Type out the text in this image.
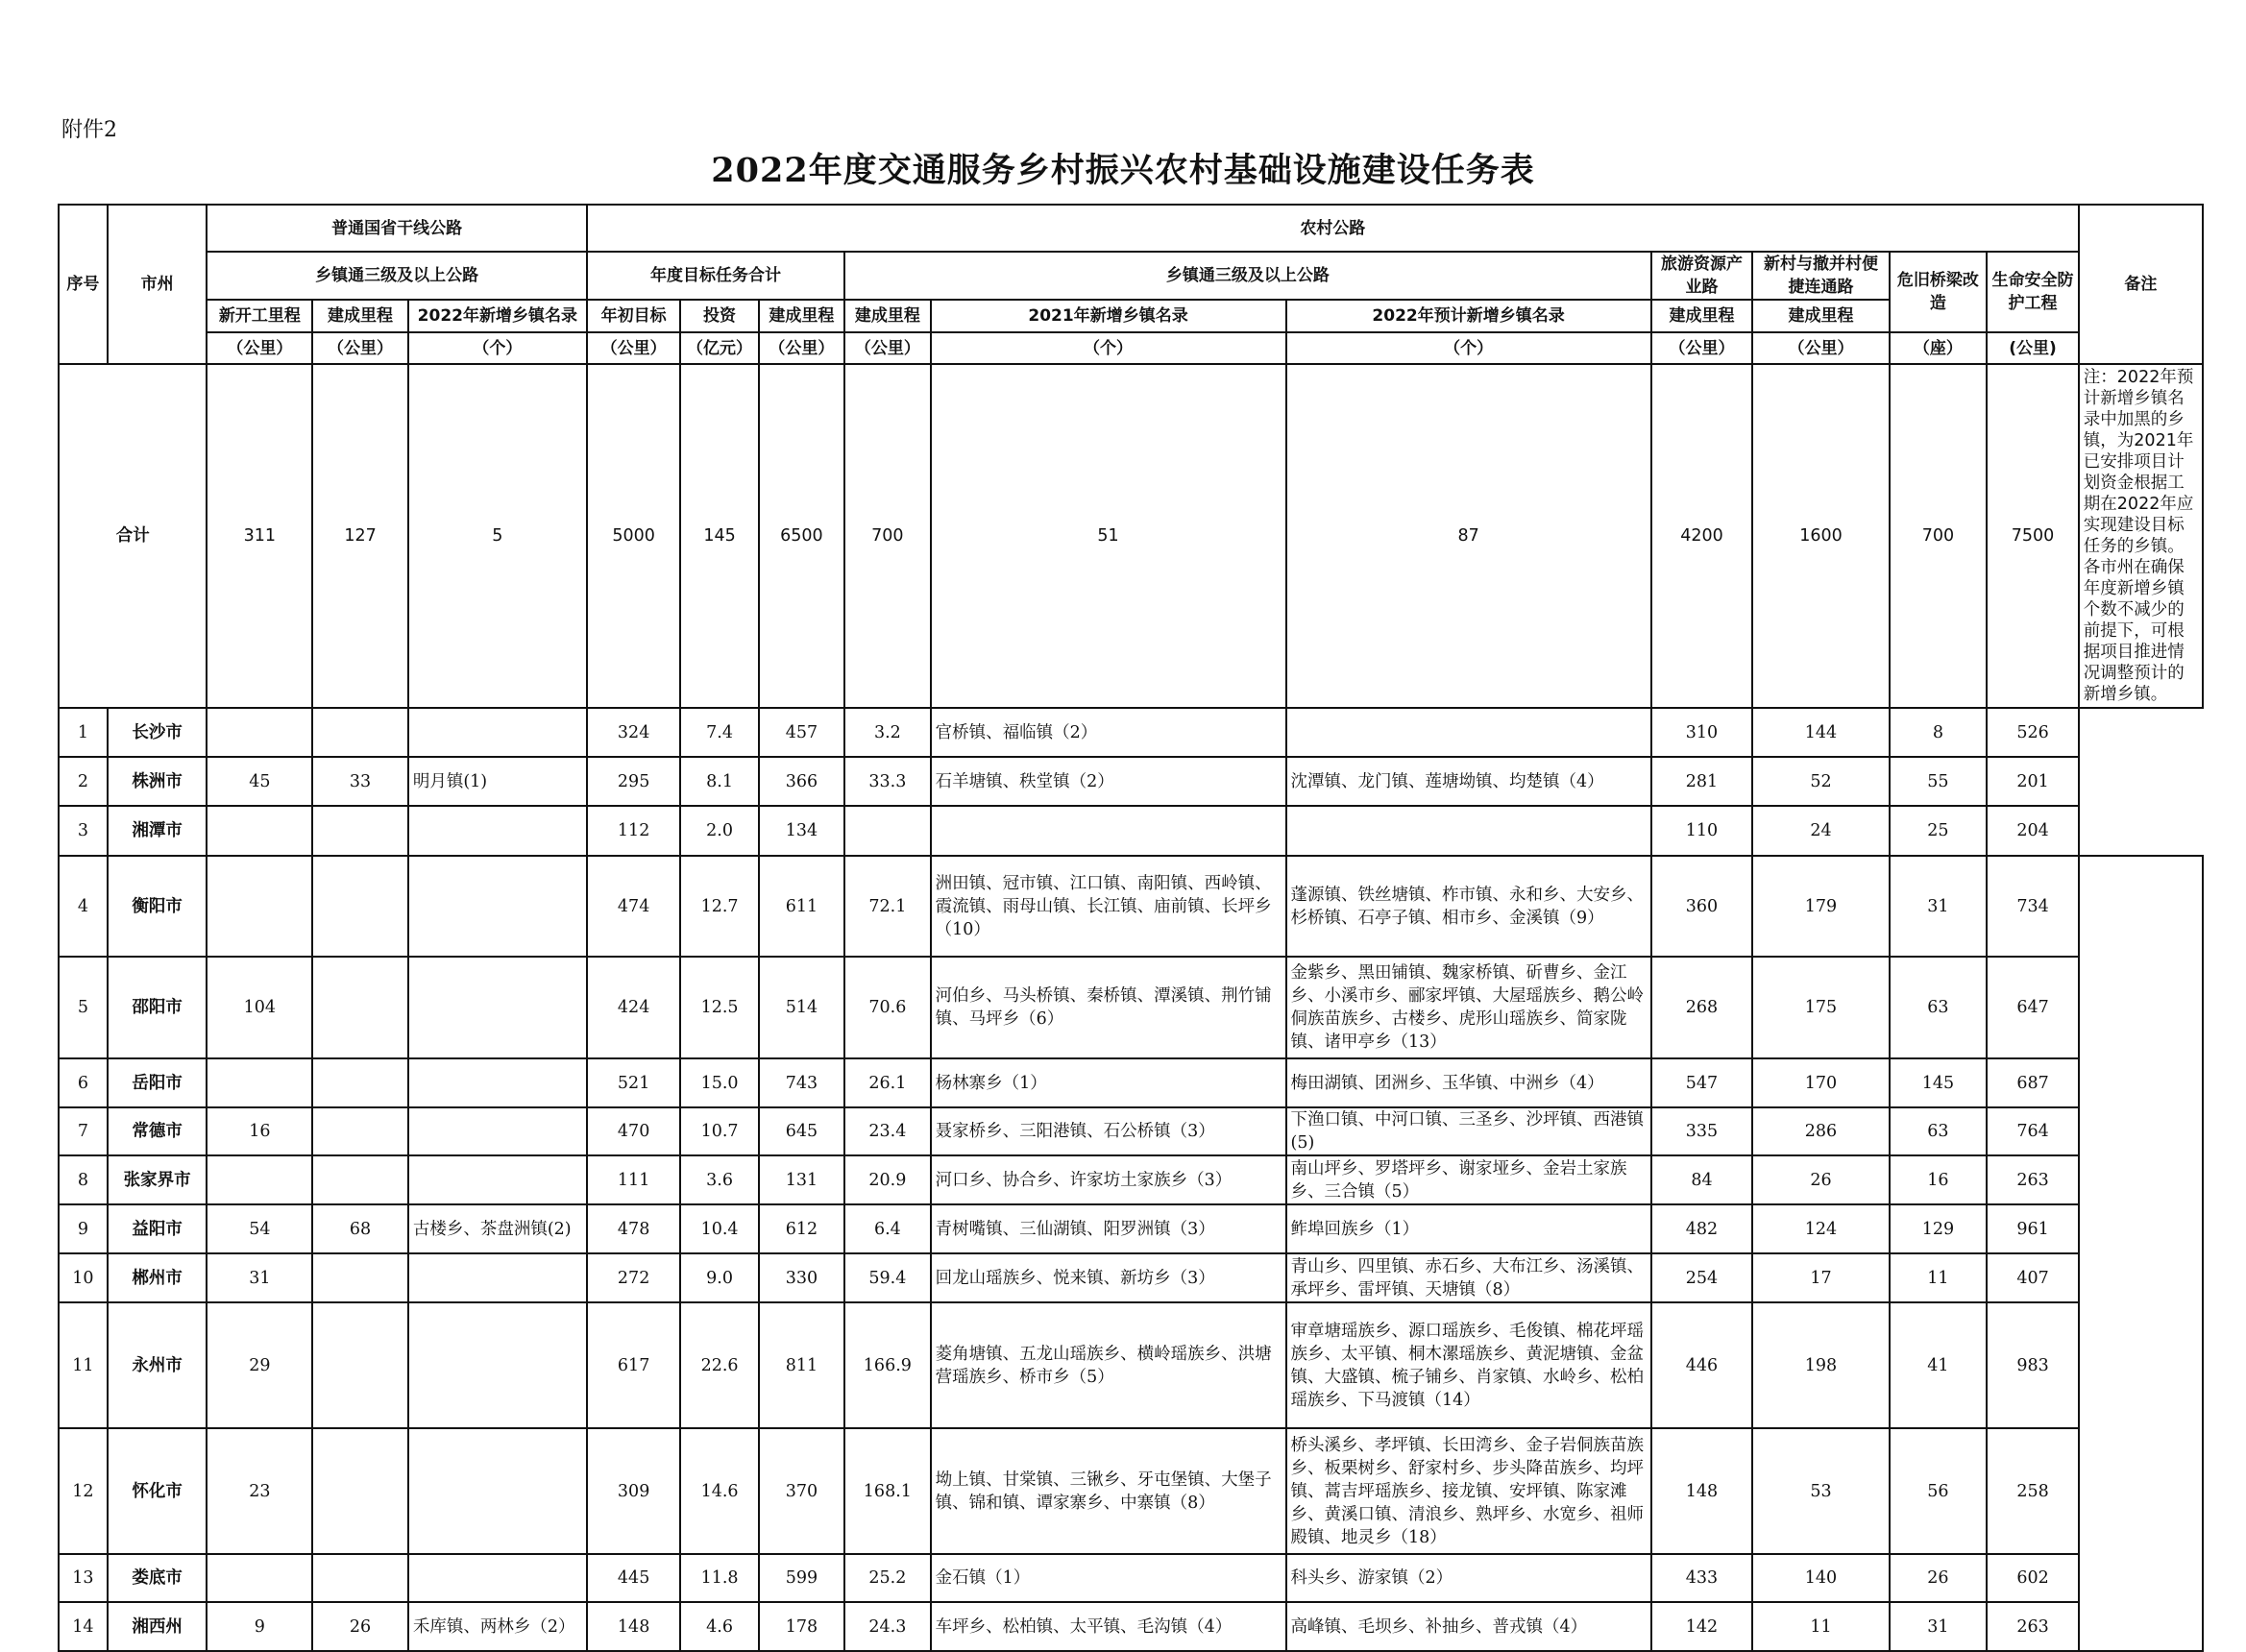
附件2
2022年度交通服务乡村振兴农村基础设施建设任务表
序号	市州	普通国省干线公路			农村公路										备注
		乡镇通三级及以上公路			年度目标任务合计			乡镇通三级及以上公路			旅游资源产业路	新村与撤并村便捷连通路	危旧桥梁改造	生命安全防护工程	
		新开工里程	建成里程	2022年新增乡镇名录	年初目标	投资	建成里程	建成里程	2021年新增乡镇名录	2022年预计新增乡镇名录	建成里程	建成里程			
		（公里）	（公里）	（个）	（公里）	（亿元）	（公里）	（公里）	（个）	（个）	（公里）	（公里）	（座）	(公里)	
合计		311	127	5	5000	145	6500	700	51	87	4200	1600	700	7500	注：2022年预计新增乡镇名录中加黑的乡镇，为2021年已安排项目计划资金根据工期在2022年应实现建设目标任务的乡镇。各市州在确保年度新增乡镇个数不减少的前提下，可根据项目推进情况调整预计的新增乡镇。
1	长沙市				324	7.4	457	3.2	官桥镇、福临镇（2）		310	144	8	526	
2	株洲市	45	33	明月镇(1)	295	8.1	366	33.3	石羊塘镇、秩堂镇（2）	沈潭镇、龙门镇、莲塘坳镇、均楚镇（4）	281	52	55	201	
3	湘潭市				112	2.0	134				110	24	25	204	
4	衡阳市				474	12.7	611	72.1	洲田镇、冠市镇、江口镇、南阳镇、西岭镇、霞流镇、雨母山镇、长江镇、庙前镇、长坪乡（10）	蓬源镇、铁丝塘镇、柞市镇、永和乡、大安乡、杉桥镇、石亭子镇、相市乡、金溪镇（9）	360	179	31	734	
5	邵阳市	104			424	12.5	514	70.6	河伯乡、马头桥镇、秦桥镇、潭溪镇、荆竹铺镇、马坪乡（6）	金紫乡、黑田铺镇、魏家桥镇、斫曹乡、金江乡、小溪市乡、郦家坪镇、大屋瑶族乡、鹅公岭侗族苗族乡、古楼乡、虎形山瑶族乡、简家陇镇、诸甲亭乡（13）	268	175	63	647	
6	岳阳市				521	15.0	743	26.1	杨林寨乡（1）	梅田湖镇、团洲乡、玉华镇、中洲乡（4）	547	170	145	687	
7	常德市	16			470	10.7	645	23.4	聂家桥乡、三阳港镇、石公桥镇（3）	下渔口镇、中河口镇、三圣乡、沙坪镇、西港镇(5)	335	286	63	764	
8	张家界市				111	3.6	131	20.9	河口乡、协合乡、许家坊土家族乡（3）	南山坪乡、罗塔坪乡、谢家垭乡、金岩土家族乡、三合镇（5）	84	26	16	263	
9	益阳市	54	68	古楼乡、茶盘洲镇(2)	478	10.4	612	6.4	青树嘴镇、三仙湖镇、阳罗洲镇（3）	鲊埠回族乡（1）	482	124	129	961	
10	郴州市	31			272	9.0	330	59.4	回龙山瑶族乡、悦来镇、新坊乡（3）	青山乡、四里镇、赤石乡、大布江乡、汤溪镇、承坪乡、雷坪镇、天塘镇（8）	254	17	11	407	
11	永州市	29			617	22.6	811	166.9	菱角塘镇、五龙山瑶族乡、横岭瑶族乡、洪塘营瑶族乡、桥市乡（5）	审章塘瑶族乡、源口瑶族乡、毛俊镇、棉花坪瑶族乡、太平镇、桐木漯瑶族乡、黄泥塘镇、金盆镇、大盛镇、梳子铺乡、肖家镇、水岭乡、松柏瑶族乡、下马渡镇（14）	446	198	41	983	
12	怀化市	23			309	14.6	370	168.1	坳上镇、甘棠镇、三锹乡、牙屯堡镇、大堡子镇、锦和镇、谭家寨乡、中寨镇（8）	桥头溪乡、孝坪镇、长田湾乡、金子岩侗族苗族乡、板栗树乡、舒家村乡、步头降苗族乡、均坪镇、蒿吉坪瑶族乡、接龙镇、安坪镇、陈家滩乡、黄溪口镇、清浪乡、熟坪乡、水宽乡、祖师殿镇、地灵乡（18）	148	53	56	258	
13	娄底市				445	11.8	599	25.2	金石镇（1）	科头乡、游家镇（2）	433	140	26	602	
14	湘西州	9	26	禾库镇、两林乡（2）	148	4.6	178	24.3	车坪乡、松柏镇、太平镇、毛沟镇（4）	高峰镇、毛坝乡、补抽乡、普戎镇（4）	142	11	31	263	
